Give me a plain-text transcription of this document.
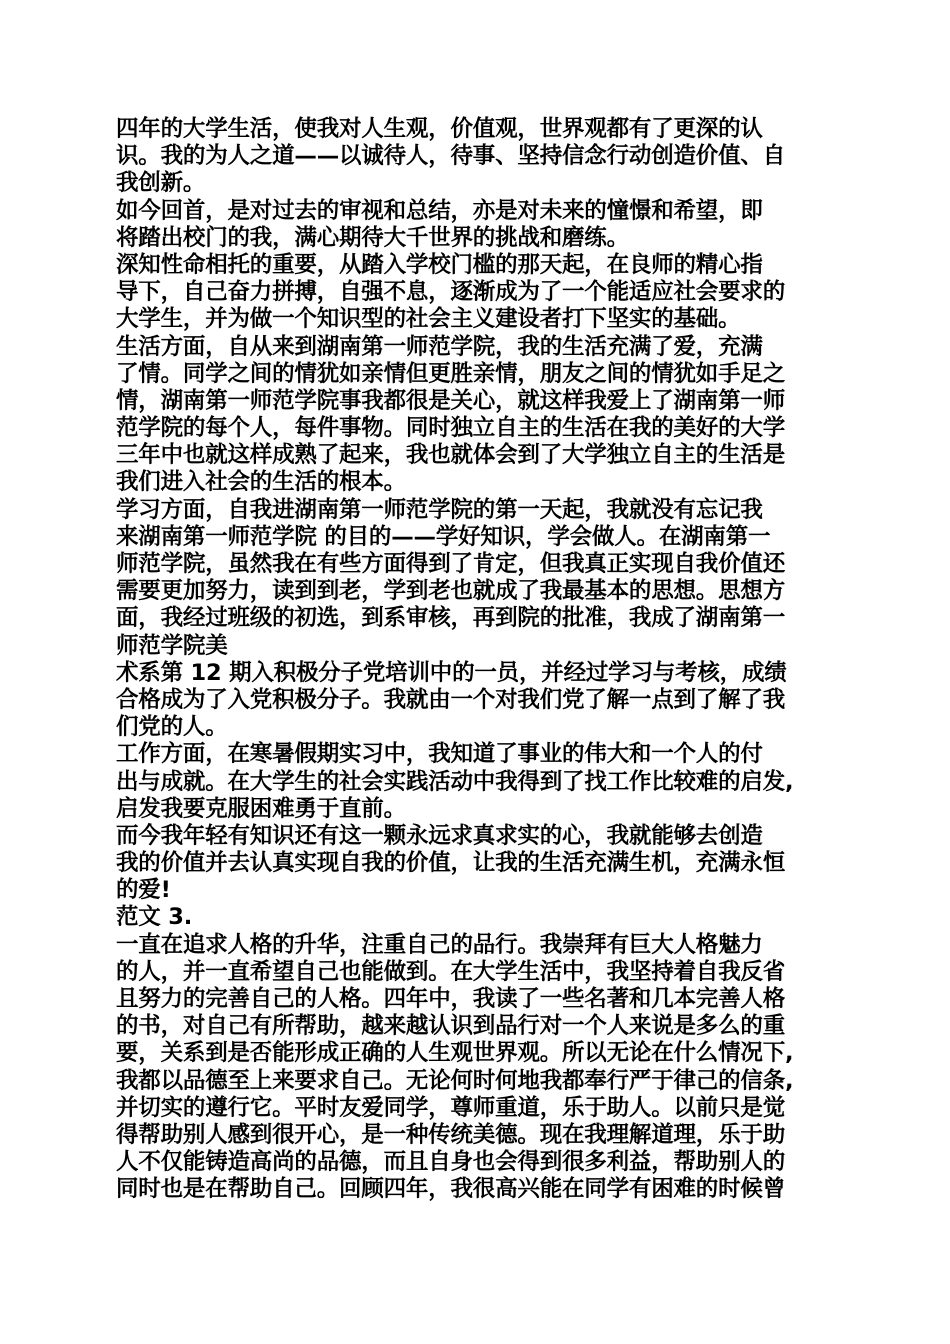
四年的大学生活，使我对人生观，价值观，世界观都有了更深的认
识。我的为人之道——以诚待人，待事、坚持信念行动创造价值、自
我创新。
如今回首，是对过去的审视和总结，亦是对未来的憧憬和希望，即
将踏出校门的我，满心期待大千世界的挑战和磨练。
深知性命相托的重要，从踏入学校门槛的那天起，在良师的精心指
导下，自己奋力拼搏，自强不息，逐渐成为了一个能适应社会要求的
大学生，并为做一个知识型的社会主义建设者打下坚实的基础。
生活方面，自从来到湖南第一师范学院，我的生活充满了爱，充满
了情。同学之间的情犹如亲情但更胜亲情，朋友之间的情犹如手足之
情，湖南第一师范学院事我都很是关心，就这样我爱上了湖南第一师
范学院的每个人，每件事物。同时独立自主的生活在我的美好的大学
三年中也就这样成熟了起来，我也就体会到了大学独立自主的生活是
我们进入社会的生活的根本。
学习方面，自我进湖南第一师范学院的第一天起，我就没有忘记我
来湖南第一师范学院 的目的——学好知识，学会做人。在湖南第一
师范学院，虽然我在有些方面得到了肯定，但我真正实现自我价值还
需要更加努力，读到到老，学到老也就成了我最基本的思想。思想方
面，我经过班级的初选，到系审核，再到院的批准，我成了湖南第一
师范学院美
术系第 12 期入积极分子党培训中的一员，并经过学习与考核，成绩
合格成为了入党积极分子。我就由一个对我们党了解一点到了解了我
们党的人。
工作方面，在寒暑假期实习中，我知道了事业的伟大和一个人的付
出与成就。在大学生的社会实践活动中我得到了找工作比较难的启发,
启发我要克服困难勇于直前。
而今我年轻有知识还有这一颗永远求真求实的心，我就能够去创造
我的价值并去认真实现自我的价值，让我的生活充满生机，充满永恒
的爱!
范文 3.
一直在追求人格的升华，注重自己的品行。我崇拜有巨大人格魅力
的人，并一直希望自己也能做到。在大学生活中，我坚持着自我反省
且努力的完善自己的人格。四年中，我读了一些名著和几本完善人格
的书，对自己有所帮助，越来越认识到品行对一个人来说是多么的重
要，关系到是否能形成正确的人生观世界观。所以无论在什么情况下,
我都以品德至上来要求自己。无论何时何地我都奉行严于律己的信条,
并切实的遵行它。平时友爱同学，尊师重道，乐于助人。以前只是觉
得帮助别人感到很开心，是一种传统美德。现在我理解道理，乐于助
人不仅能铸造高尚的品德，而且自身也会得到很多利益，帮助别人的
同时也是在帮助自己。回顾四年，我很高兴能在同学有困难的时候曾
